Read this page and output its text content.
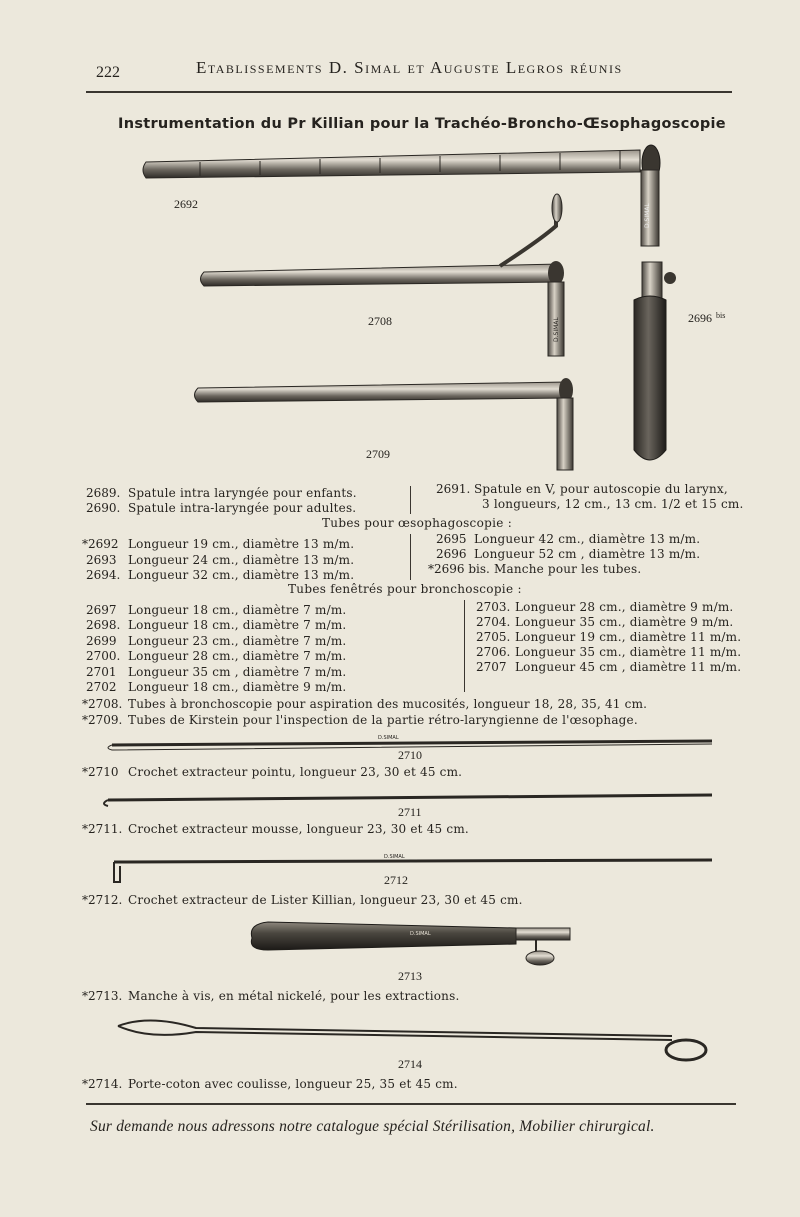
222	Etablissements D. Simal et Auguste Legros réunis
Instrumentation du Pr Killian pour la Trachéo-Broncho-Œsophagoscopie
2692	D.SIMAL
2708	D.SIMAL	2696 $^{bis}$
2709
D.SIMAL
2710
2711
D.SIMAL
2712
D.SIMAL
2713
2714
2689. Spatule intra laryngée pour enfants.
2690. Spatule intra-laryngée pour adultes.
2691. Spatule en V, pour autoscopie du larynx,
3 longueurs, 12 cm., 13 cm. 1/2 et 15 cm.
Tubes pour œsophagoscopie :
*2692 Longueur 19 cm., diamètre 13 m/m.
2693 Longueur 24 cm., diamètre 13 m/m.
2694. Longueur 32 cm., diamètre 13 m/m.
2695 Longueur 42 cm., diamètre 13 m/m.
2696 Longueur 52 cm , diamètre 13 m/m.
*2696 bis. Manche pour les tubes.
Tubes fenêtrés pour bronchoscopie :
2697 Longueur 18 cm., diamètre 7 m/m.
2698. Longueur 18 cm., diamètre 7 m/m.
2699 Longueur 23 cm., diamètre 7 m/m.
2700. Longueur 28 cm., diamètre 7 m/m.
2701 Longueur 35 cm , diamètre 7 m/m.
2702 Longueur 18 cm., diamètre 9 m/m.
2703. Longueur 28 cm., diamètre 9 m/m.
2704. Longueur 35 cm., diamètre 9 m/m.
2705. Longueur 19 cm., diamètre 11 m/m.
2706. Longueur 35 cm., diamètre 11 m/m.
2707 Longueur 45 cm , diamètre 11 m/m.
*2708. Tubes à bronchoscopie pour aspiration des mucosités, longueur 18, 28, 35, 41 cm.
*2709. Tubes de Kirstein pour l'inspection de la partie rétro-laryngienne de l'œsophage.
*2710 Crochet extracteur pointu, longueur 23, 30 et 45 cm.
*2711. Crochet extracteur mousse, longueur 23, 30 et 45 cm.
*2712. Crochet extracteur de Lister Killian, longueur 23, 30 et 45 cm.
*2713. Manche à vis, en métal nickelé, pour les extractions.
*2714. Porte-coton avec coulisse, longueur 25, 35 et 45 cm.
Sur demande nous adressons notre catalogue spécial Stérilisation, Mobilier chirurgical.
